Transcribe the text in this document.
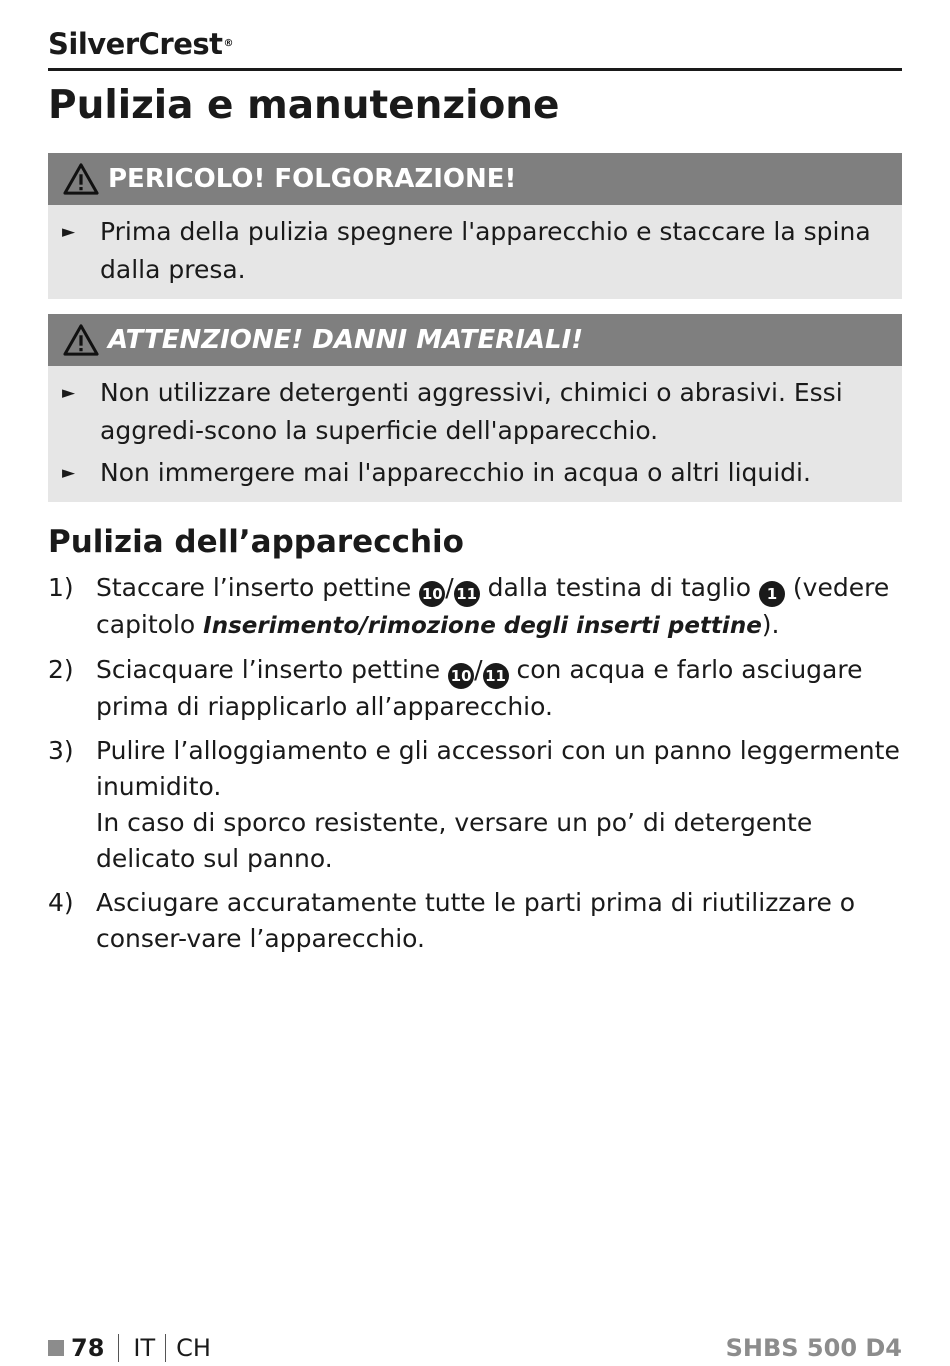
SilverCrest®
Pulizia e manutenzione
PERICOLO! FOLGORAZIONE!
► Prima della pulizia spegnere l'apparecchio e staccare la spina dalla presa.
ATTENZIONE! DANNI MATERIALI!
► Non utilizzare detergenti aggressivi, chimici o abrasivi. Essi aggredi-scono la superficie dell'apparecchio.
► Non immergere mai l'apparecchio in acqua o altri liquidi.
Pulizia dell’apparecchio
1) Staccare l’inserto pettine 10 / 11 dalla testina di taglio 1 (vedere capitolo Inserimento/rimozione degli inserti pettine).
2) Sciacquare l’inserto pettine 10 / 11 con acqua e farlo asciugare prima di riapplicarlo all’apparecchio.
3) Pulire l’alloggiamento e gli accessori con un panno leggermente inumidito.
In caso di sporco resistente, versare un po’ di detergente delicato sul panno.
4) Asciugare accuratamente tutte le parti prima di riutilizzare o conser-vare l’apparecchio.
78 IT CH	SHBS 500 D4
